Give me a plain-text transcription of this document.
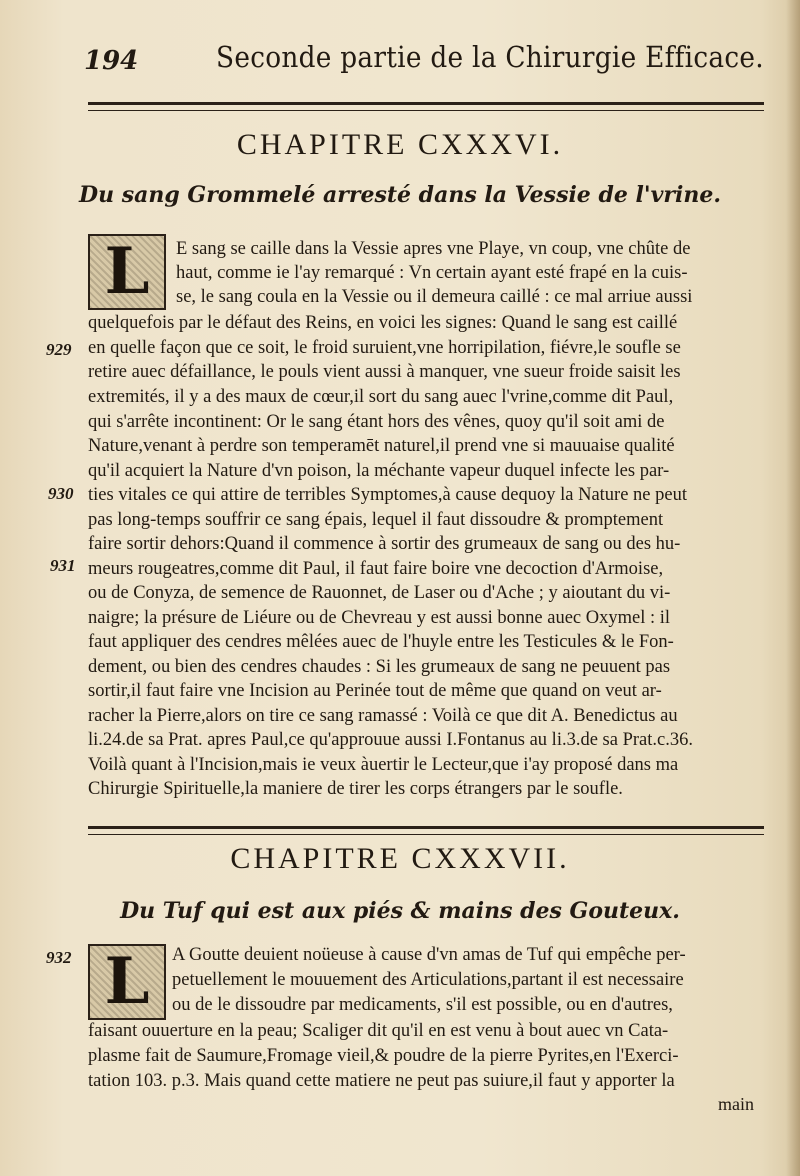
194	Seconde partie de la Chirurgie Efficace.
CHAPITRE CXXXVI.
Du sang Grommelé arresté dans la Vessie de l'vrine.
L	E sang se caille dans la Vessie apres vne Playe, vn coup, vne chûte de
haut, comme ie l'ay remarqué : Vn certain ayant esté frapé en la cuis-
se, le sang coula en la Vessie ou il demeura caillé : ce mal arriue aussi
quelquefois par le défaut des Reins, en voici les signes: Quand le sang est caillé
en quelle façon que ce soit, le froid suruient,vne horripilation, fiévre,le soufle se
retire auec défaillance, le pouls vient aussi à manquer, vne sueur froide saisit les
extremités, il y a des maux de cœur,il sort du sang auec l'vrine,comme dit Paul,
qui s'arrête incontinent: Or le sang étant hors des vênes, quoy qu'il soit ami de
Nature,venant à perdre son temperamēt naturel,il prend vne si mauuaise qualité
qu'il acquiert la Nature d'vn poison, la méchante vapeur duquel infecte les par-
ties vitales ce qui attire de terribles Symptomes,à cause dequoy la Nature ne peut
pas long-temps souffrir ce sang épais, lequel il faut dissoudre & promptement
faire sortir dehors:Quand il commence à sortir des grumeaux de sang ou des hu-
meurs rougeatres,comme dit Paul, il faut faire boire vne decoction d'Armoise,
ou de Conyza, de semence de Rauonnet, de Laser ou d'Ache ; y aioutant du vi-
naigre; la présure de Liéure ou de Chevreau y est aussi bonne auec Oxymel : il
faut appliquer des cendres mêlées auec de l'huyle entre les Testicules & le Fon-
dement, ou bien des cendres chaudes : Si les grumeaux de sang ne peuuent pas
sortir,il faut faire vne Incision au Perinée tout de même que quand on veut ar-
racher la Pierre,alors on tire ce sang ramassé : Voilà ce que dit A. Benedictus au
li.24.de sa Prat. apres Paul,ce qu'approuue aussi I.Fontanus au li.3.de sa Prat.c.36.
Voilà quant à l'Incision,mais ie veux àuertir le Lecteur,que i'ay proposé dans ma
Chirurgie Spirituelle,la maniere de tirer les corps étrangers par le soufle.
929
930
931
CHAPITRE CXXXVII.
Du Tuf qui est aux piés & mains des Gouteux.
L	A Goutte deuient noüeuse à cause d'vn amas de Tuf qui empêche per-
petuellement le mouuement des Articulations,partant il est necessaire
ou de le dissoudre par medicaments, s'il est possible, ou en d'autres,
faisant ouuerture en la peau; Scaliger dit qu'il en est venu à bout auec vn Cata-
plasme fait de Saumure,Fromage vieil,& poudre de la pierre Pyrites,en l'Exerci-
tation 103. p.3. Mais quand cette matiere ne peut pas suiure,il faut y apporter la
932
main
